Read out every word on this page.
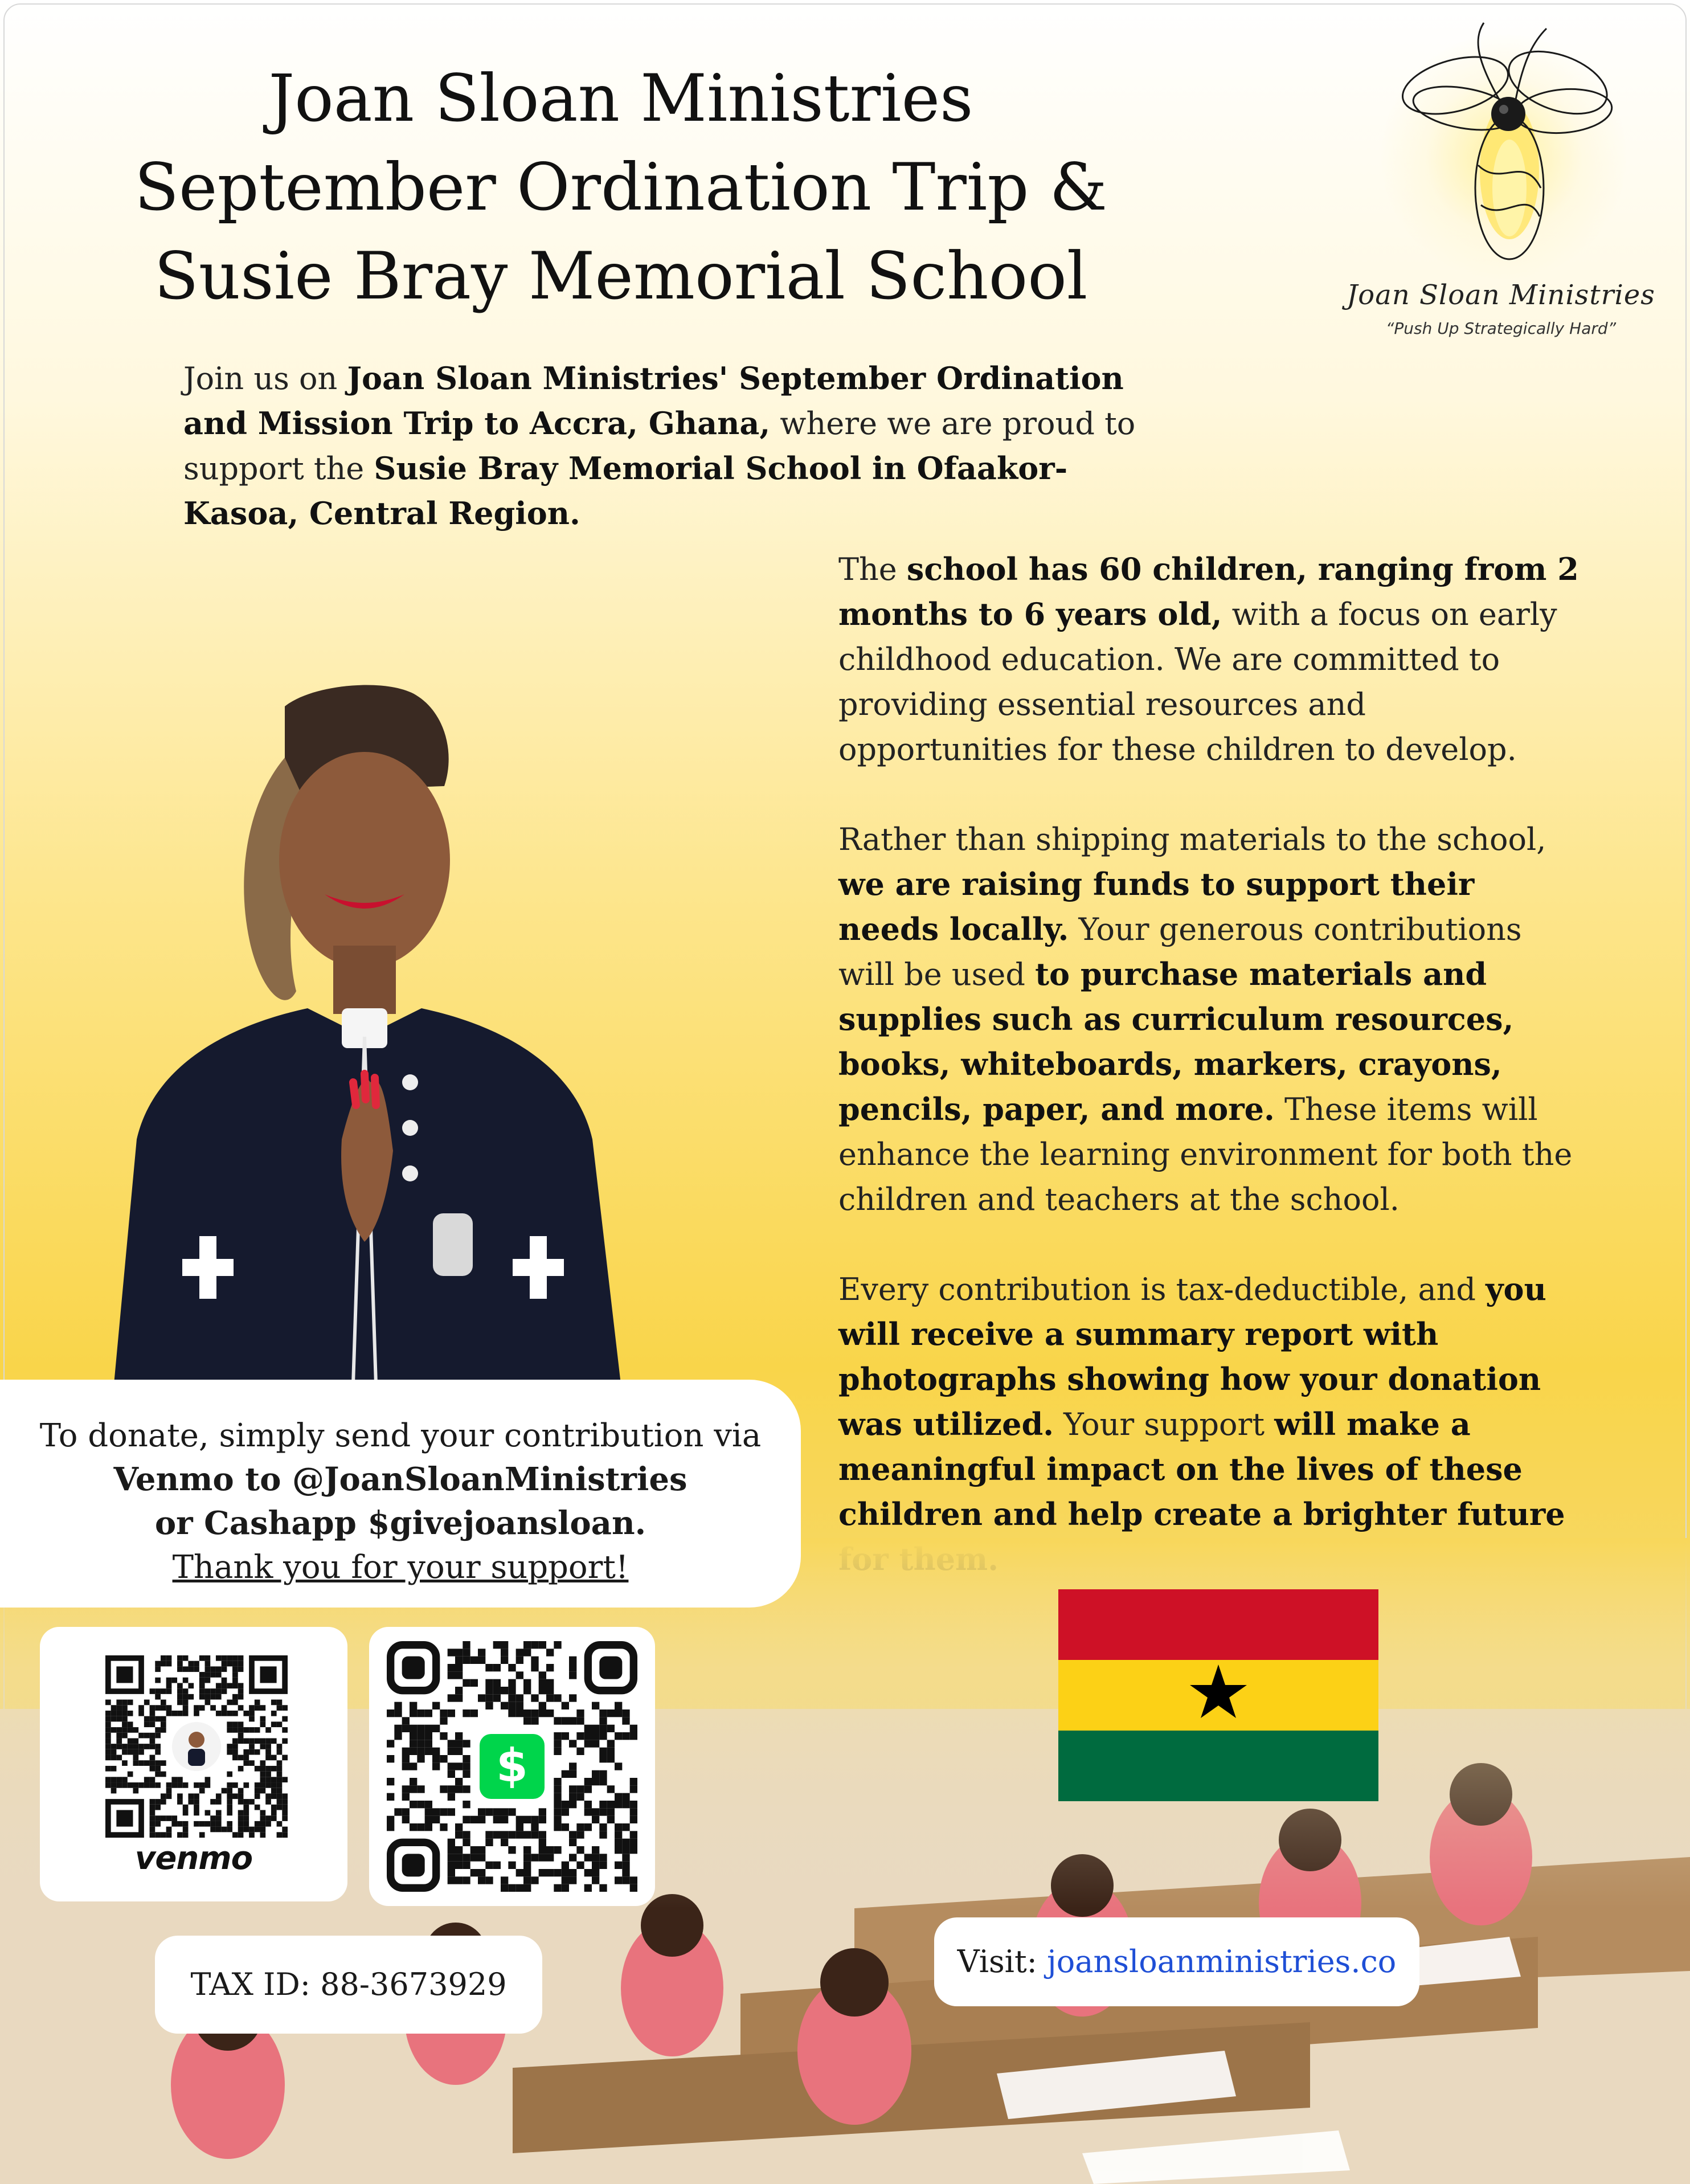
Joan Sloan Ministries
September Ordination Trip &
Susie Bray Memorial School	Joan Sloan Ministries
“Push Up Strategically Hard”
Join us on Joan Sloan Ministries' September Ordination and Mission Trip to Accra, Ghana, where we are proud to support the Susie Bray Memorial School in Ofaakor-Kasoa, Central Region.

The school has 60 children, ranging from 2 months to 6 years old, with a focus on early childhood education. We are committed to providing essential resources and opportunities for these children to develop.

Rather than shipping materials to the school, we are raising funds to support their needs locally. Your generous contributions will be used to purchase materials and supplies such as curriculum resources, books, whiteboards, markers, crayons, pencils, paper, and more. These items will enhance the learning environment for both the children and teachers at the school.

Every contribution is tax-deductible, and you will receive a summary report with photographs showing how your donation was utilized. Your support will make a meaningful impact on the lives of these children and help create a brighter future

To donate, simply send your contribution via
Venmo to @JoanSloanMinistries
or Cashapp $givejoansloan.
Thank you for your support!
venmo
$
TAX ID: 88-3673929
Visit: joansloanministries.co
